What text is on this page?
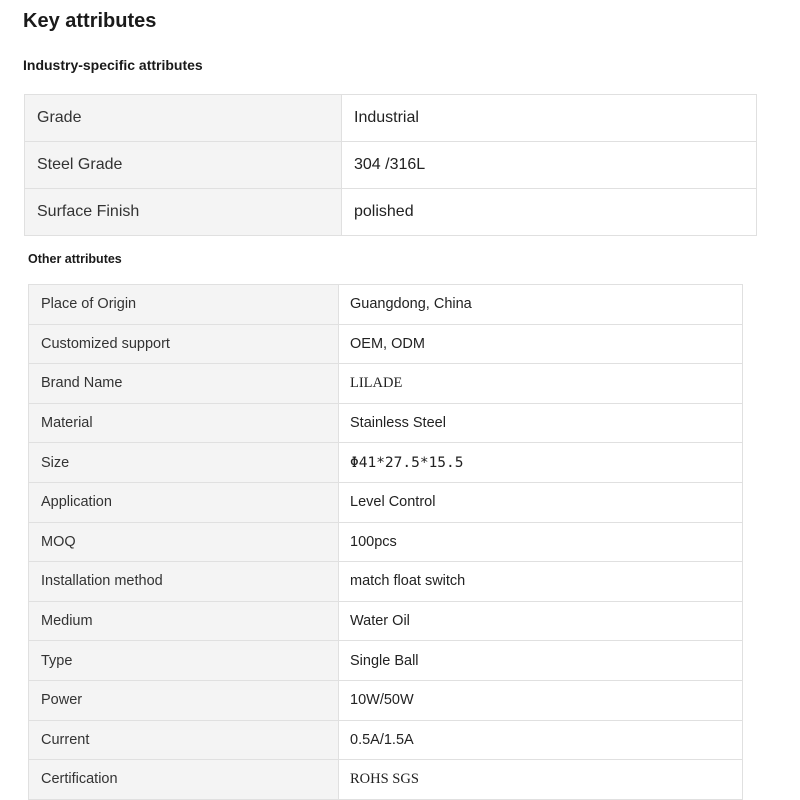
Key attributes
Industry-specific attributes
Grade	Industrial
Steel Grade	304 /316L
Surface Finish	polished
Other attributes
Place of Origin	Guangdong, China
Customized support	OEM, ODM
Brand Name	LILADE
Material	Stainless Steel
Size	Φ41*27.5*15.5
Application	Level Control
MOQ	100pcs
Installation method	match float switch
Medium	Water Oil
Type	Single Ball
Power	10W/50W
Current	0.5A/1.5A
Certification	ROHS SGS
